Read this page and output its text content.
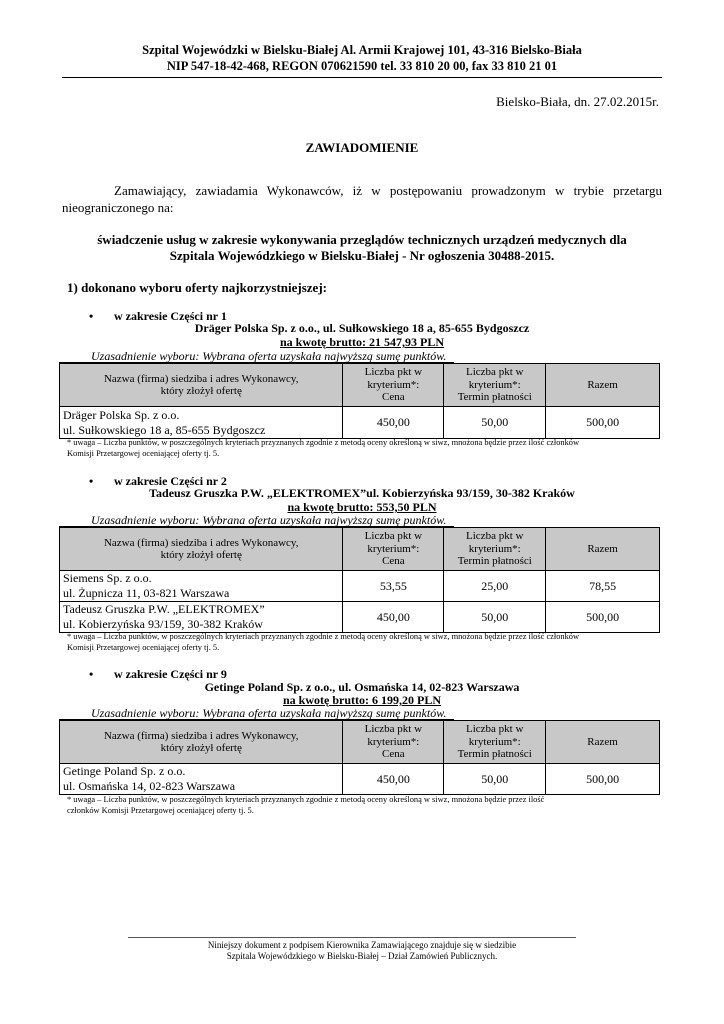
Szpital Wojewódzki w Bielsku-Białej Al. Armii Krajowej 101, 43-316 Bielsko-Biała
NIP 547-18-42-468, REGON 070621590 tel. 33 810 20 00, fax 33 810 21 01
Bielsko-Biała, dn. 27.02.2015r.
ZAWIADOMIENIE
Zamawiający, zawiadamia Wykonawców, iż w postępowaniu prowadzonym w trybie przetargu nieograniczonego na:
świadczenie usług w zakresie wykonywania przeglądów technicznych urządzeń medycznych dla
Szpitala Wojewódzkiego w Bielsku-Białej - Nr ogłoszenia 30488-2015.
1) dokonano wyboru oferty najkorzystniejszej:
• w zakresie Części nr 1
Dräger Polska Sp. z o.o., ul. Sułkowskiego 18 a, 85-655 Bydgoszcz
na kwotę brutto: 21 547,93 PLN
Uzasadnienie wyboru: Wybrana oferta uzyskała najwyższą sumę punktów.
Nazwa (firma) siedziba i adres Wykonawcy,
który złożył ofertę	Liczba pkt w
kryterium*:
Cena	Liczba pkt w
kryterium*:
Termin płatności	Razem
Dräger Polska Sp. z o.o.
ul. Sułkowskiego 18 a, 85-655 Bydgoszcz	450,00	50,00	500,00
* uwaga – Liczba punktów, w poszczególnych kryteriach przyznanych zgodnie z metodą oceny określoną w siwz, mnożona będzie przez ilość członków
Komisji Przetargowej oceniającej oferty tj. 5.
• w zakresie Części nr 2
Tadeusz Gruszka P.W. „ELEKTROMEX”ul. Kobierzyńska 93/159, 30-382 Kraków
na kwotę brutto: 553,50 PLN
Uzasadnienie wyboru: Wybrana oferta uzyskała najwyższą sumę punktów.
Nazwa (firma) siedziba i adres Wykonawcy,
który złożył ofertę	Liczba pkt w
kryterium*:
Cena	Liczba pkt w
kryterium*:
Termin płatności	Razem
Siemens Sp. z o.o.
ul. Żupnicza 11, 03-821 Warszawa	53,55	25,00	78,55
Tadeusz Gruszka P.W. „ELEKTROMEX”
ul. Kobierzyńska 93/159, 30-382 Kraków	450,00	50,00	500,00
* uwaga – Liczba punktów, w poszczególnych kryteriach przyznanych zgodnie z metodą oceny określoną w siwz, mnożona będzie przez ilość członków
Komisji Przetargowej oceniającej oferty tj. 5.
• w zakresie Części nr 9
Getinge Poland Sp. z o.o., ul. Osmańska 14, 02-823 Warszawa
na kwotę brutto: 6 199,20 PLN
Uzasadnienie wyboru: Wybrana oferta uzyskała najwyższą sumę punktów.
Nazwa (firma) siedziba i adres Wykonawcy,
który złożył ofertę	Liczba pkt w
kryterium*:
Cena	Liczba pkt w
kryterium*:
Termin płatności	Razem
Getinge Poland Sp. z o.o.
ul. Osmańska 14, 02-823 Warszawa	450,00	50,00	500,00
* uwaga – Liczba punktów, w poszczególnych kryteriach przyznanych zgodnie z metodą oceny określoną w siwz, mnożona będzie przez ilość
członków Komisji Przetargowej oceniającej oferty tj. 5.
Niniejszy dokument z podpisem Kierownika Zamawiającego znajduje się w siedzibie
Szpitala Wojewódzkiego w Bielsku-Białej – Dział Zamówień Publicznych.
